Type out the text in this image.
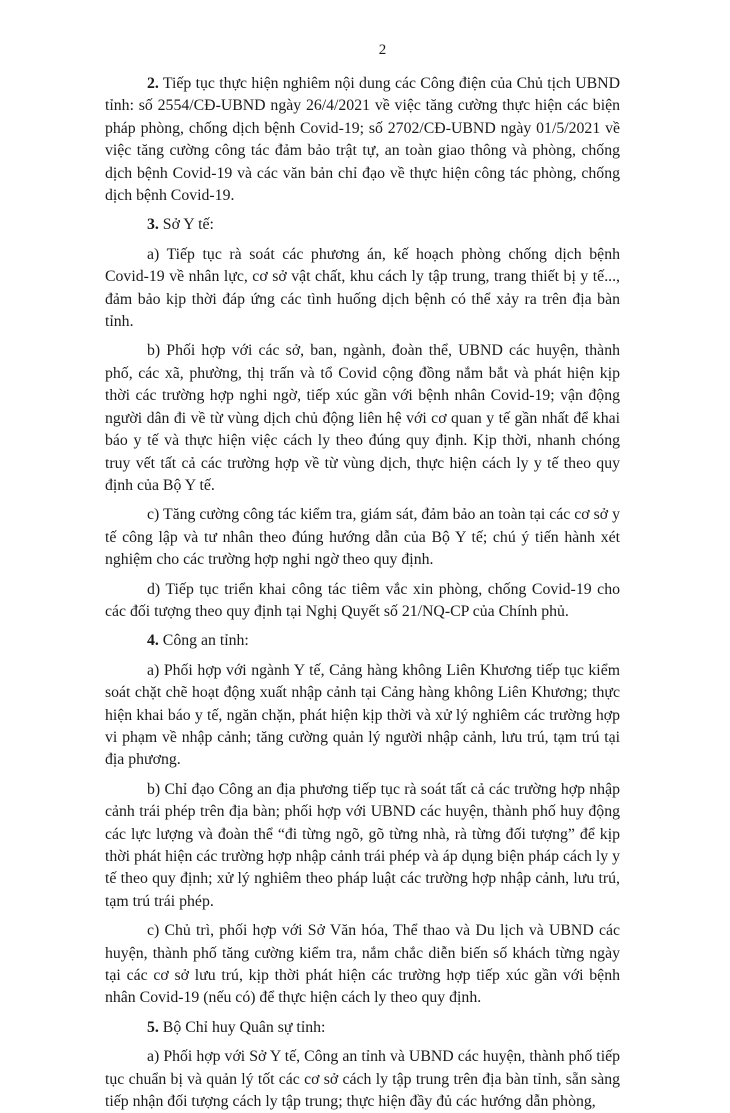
2

2. Tiếp tục thực hiện nghiêm nội dung các Công điện của Chủ tịch UBND tỉnh: số 2554/CĐ-UBND ngày 26/4/2021 về việc tăng cường thực hiện các biện pháp phòng, chống dịch bệnh Covid-19; số 2702/CĐ-UBND ngày 01/5/2021 về việc tăng cường công tác đảm bảo trật tự, an toàn giao thông và phòng, chống dịch bệnh Covid-19 và các văn bản chỉ đạo về thực hiện công tác phòng, chống dịch bệnh Covid-19.

3. Sở Y tế:

a) Tiếp tục rà soát các phương án, kế hoạch phòng chống dịch bệnh Covid-19 về nhân lực, cơ sở vật chất, khu cách ly tập trung, trang thiết bị y tế..., đảm bảo kịp thời đáp ứng các tình huống dịch bệnh có thể xảy ra trên địa bàn tỉnh.

b) Phối hợp với các sở, ban, ngành, đoàn thể, UBND các huyện, thành phố, các xã, phường, thị trấn và tổ Covid cộng đồng nắm bắt và phát hiện kịp thời các trường hợp nghi ngờ, tiếp xúc gần với bệnh nhân Covid-19; vận động người dân đi về từ vùng dịch chủ động liên hệ với cơ quan y tế gần nhất để khai báo y tế và thực hiện việc cách ly theo đúng quy định. Kịp thời, nhanh chóng truy vết tất cả các trường hợp về từ vùng dịch, thực hiện cách ly y tế theo quy định của Bộ Y tế.

c) Tăng cường công tác kiểm tra, giám sát, đảm bảo an toàn tại các cơ sở y tế công lập và tư nhân theo đúng hướng dẫn của Bộ Y tế; chú ý tiến hành xét nghiệm cho các trường hợp nghi ngờ theo quy định.

d) Tiếp tục triển khai công tác tiêm vắc xin phòng, chống Covid-19 cho các đối tượng theo quy định tại Nghị Quyết số 21/NQ-CP của Chính phủ.

4. Công an tỉnh:

a) Phối hợp với ngành Y tế, Cảng hàng không Liên Khương tiếp tục kiểm soát chặt chẽ hoạt động xuất nhập cảnh tại Cảng hàng không Liên Khương; thực hiện khai báo y tế, ngăn chặn, phát hiện kịp thời và xử lý nghiêm các trường hợp vi phạm về nhập cảnh; tăng cường quản lý người nhập cảnh, lưu trú, tạm trú tại địa phương.

b) Chỉ đạo Công an địa phương tiếp tục rà soát tất cả các trường hợp nhập cảnh trái phép trên địa bàn; phối hợp với UBND các huyện, thành phố huy động các lực lượng và đoàn thể “đi từng ngõ, gõ từng nhà, rà từng đối tượng” để kịp thời phát hiện các trường hợp nhập cảnh trái phép và áp dụng biện pháp cách ly y tế theo quy định; xử lý nghiêm theo pháp luật các trường hợp nhập cảnh, lưu trú, tạm trú trái phép.

c) Chủ trì, phối hợp với Sở Văn hóa, Thể thao và Du lịch và UBND các huyện, thành phố tăng cường kiểm tra, nắm chắc diễn biến số khách từng ngày tại các cơ sở lưu trú, kịp thời phát hiện các trường hợp tiếp xúc gần với bệnh nhân Covid-19 (nếu có) để thực hiện cách ly theo quy định.

5. Bộ Chỉ huy Quân sự tỉnh:

a) Phối hợp với Sở Y tế, Công an tỉnh và UBND các huyện, thành phố tiếp tục chuẩn bị và quản lý tốt các cơ sở cách ly tập trung trên địa bàn tỉnh, sẵn sàng tiếp nhận đối tượng cách ly tập trung; thực hiện đầy đủ các hướng dẫn phòng,
